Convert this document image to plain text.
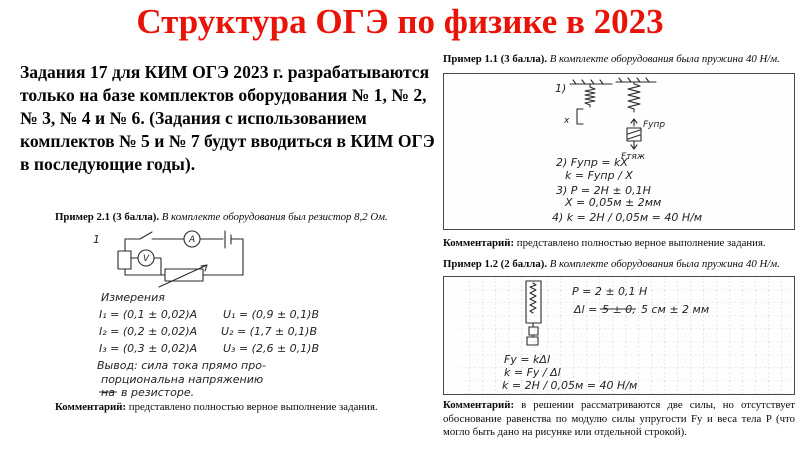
Структура ОГЭ по физике в 2023

Задания 17 для КИМ ОГЭ 2023 г. разрабатываются только на базе комплектов оборудования № 1, № 2, № 3, № 4 и № 6. (Задания с использованием комплектов № 5 и № 7 будут вводиться в КИМ ОГЭ в последующие годы).

Пример 2.1 (3 балла). В комплекте оборудования был резистор 8,2 Ом.

1	A
V
Измерения
I₁ = (0,1 ± 0,02)А U₁ = (0,9 ± 0,1)В
I₂ = (0,2 ± 0,02)А U₂ = (1,7 ± 0,1)В
I₃ = (0,3 ± 0,02)А U₃ = (2,6 ± 0,1)В
Вывод: сила тока прямо про-
порциональна напряжению
на в резисторе.

Комментарий: представлено полностью верное выполнение задания.

Пример 1.1 (3 балла). В комплекте оборудования была пружина 40 Н/м.

1)
x	Fупр
Fтяж
2) Fупр = kX
k = Fупр / X
3) P = 2Н ± 0,1Н
X = 0,05м ± 2мм
4) k = 2Н / 0,05м = 40 Н/м

Комментарий: представлено полностью верное выполнение задания.

Пример 1.2 (2 балла). В комплекте оборудования была пружина 40 Н/м.

P = 2 ± 0,1 Н
Δl = 5 ± 0, 5 см ± 2 мм
Fу = kΔl
k = Fу / Δl
k = 2Н / 0,05м = 40 Н/м

Комментарий: в решении рассматриваются две силы, но отсутствует обоснование равенства по модулю силы упругости Fу и веса тела P (что могло быть дано на рисунке или отдельной строкой).
